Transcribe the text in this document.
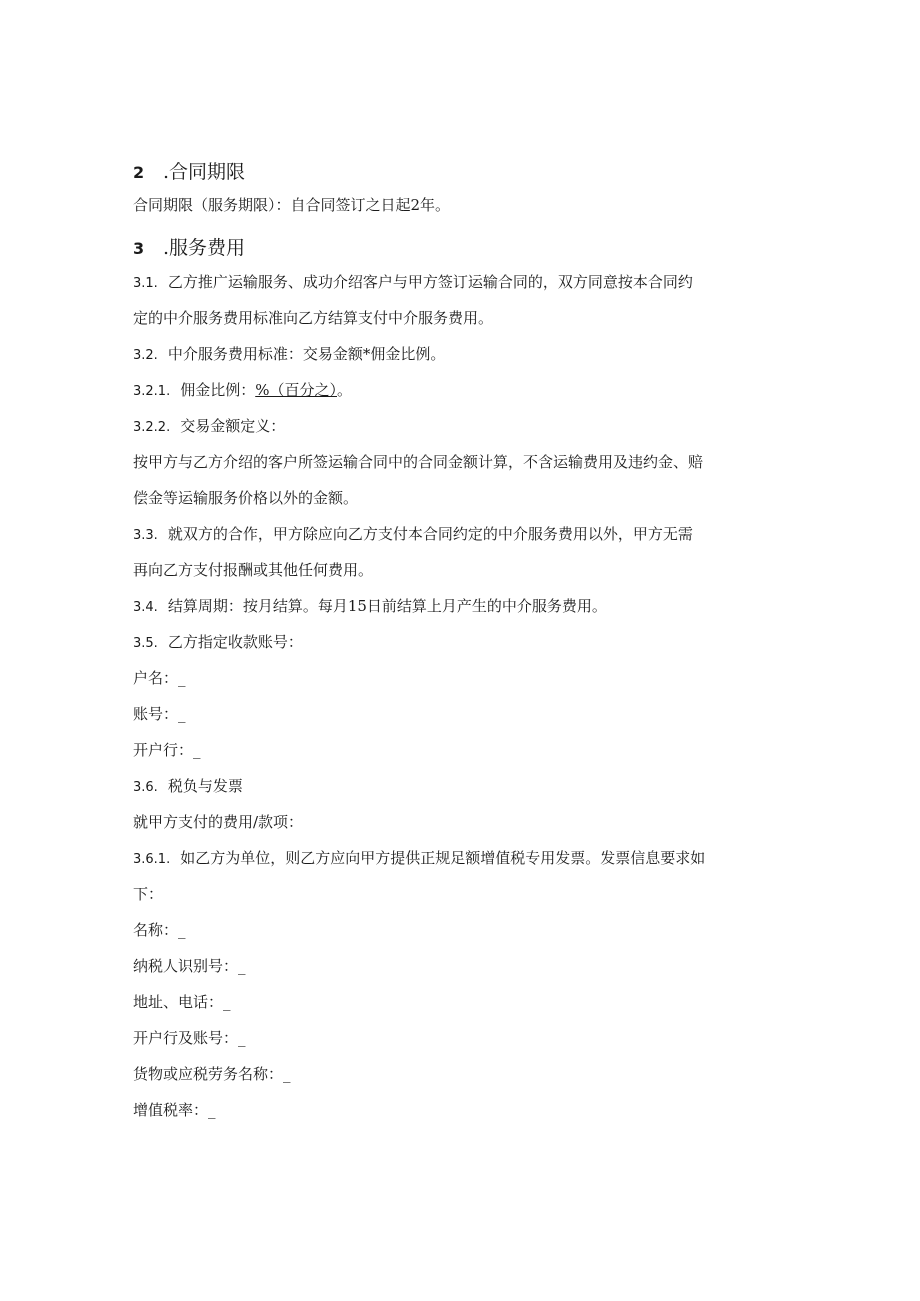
2 .合同期限
合同期限（服务期限）：自合同签订之日起2年。
3 .服务费用
3.1. 乙方推广运输服务、成功介绍客户与甲方签订运输合同的，双方同意按本合同约
定的中介服务费用标准向乙方结算支付中介服务费用。
3.2. 中介服务费用标准：交易金额*佣金比例。
3.2.1. 佣金比例：%（百分之）。
3.2.2. 交易金额定义：
按甲方与乙方介绍的客户所签运输合同中的合同金额计算，不含运输费用及违约金、赔
偿金等运输服务价格以外的金额。
3.3. 就双方的合作，甲方除应向乙方支付本合同约定的中介服务费用以外，甲方无需
再向乙方支付报酬或其他任何费用。
3.4. 结算周期：按月结算。每月15日前结算上月产生的中介服务费用。
3.5. 乙方指定收款账号：
户名：_
账号：_
开户行：_
3.6. 税负与发票
就甲方支付的费用/款项：
3.6.1. 如乙方为单位，则乙方应向甲方提供正规足额增值税专用发票。发票信息要求如
下：
名称：_
纳税人识别号：_
地址、电话：_
开户行及账号：_
货物或应税劳务名称：_
增值税率：_
